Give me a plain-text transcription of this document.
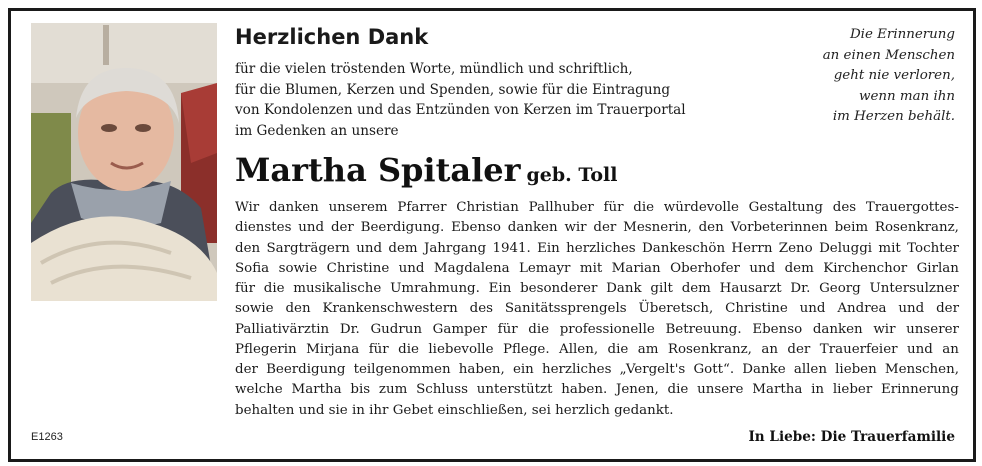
Herzlichen Dank
für die vielen tröstenden Worte, mündlich und schriftlich,
für die Blumen, Kerzen und Spenden, sowie für die Eintragung
von Kondolenzen und das Entzünden von Kerzen im Trauerportal
im Gedenken an unsere
Martha Spitaler geb. Toll
Wir danken unserem Pfarrer Christian Pallhuber für die würdevolle Gestaltung des Trauergottes-
dienstes und der Beerdigung. Ebenso danken wir der Mesnerin, den Vorbeterinnen beim Rosenkranz,
den Sargträgern und dem Jahrgang 1941. Ein herzliches Dankeschön Herrn Zeno Deluggi mit Tochter
Sofia sowie Christine und Magdalena Lemayr mit Marian Oberhofer und dem Kirchenchor Girlan
für die musikalische Umrahmung. Ein besonderer Dank gilt dem Hausarzt Dr. Georg Untersulzner
sowie den Krankenschwestern des Sanitätssprengels Überetsch, Christine und Andrea und der
Palliativärztin Dr. Gudrun Gamper für die professionelle Betreuung. Ebenso danken wir unserer
Pflegerin Mirjana für die liebevolle Pflege. Allen, die am Rosenkranz, an der Trauerfeier und an
der Beerdigung teilgenommen haben, ein herzliches „Vergelt's Gott“. Danke allen lieben Menschen,
welche Martha bis zum Schluss unterstützt haben. Jenen, die unsere Martha in lieber Erinnerung
behalten und sie in ihr Gebet einschließen, sei herzlich gedankt.
Die Erinnerung
an einen Menschen
geht nie verloren,
wenn man ihn
im Herzen behält.
In Liebe: Die Trauerfamilie
E1263
